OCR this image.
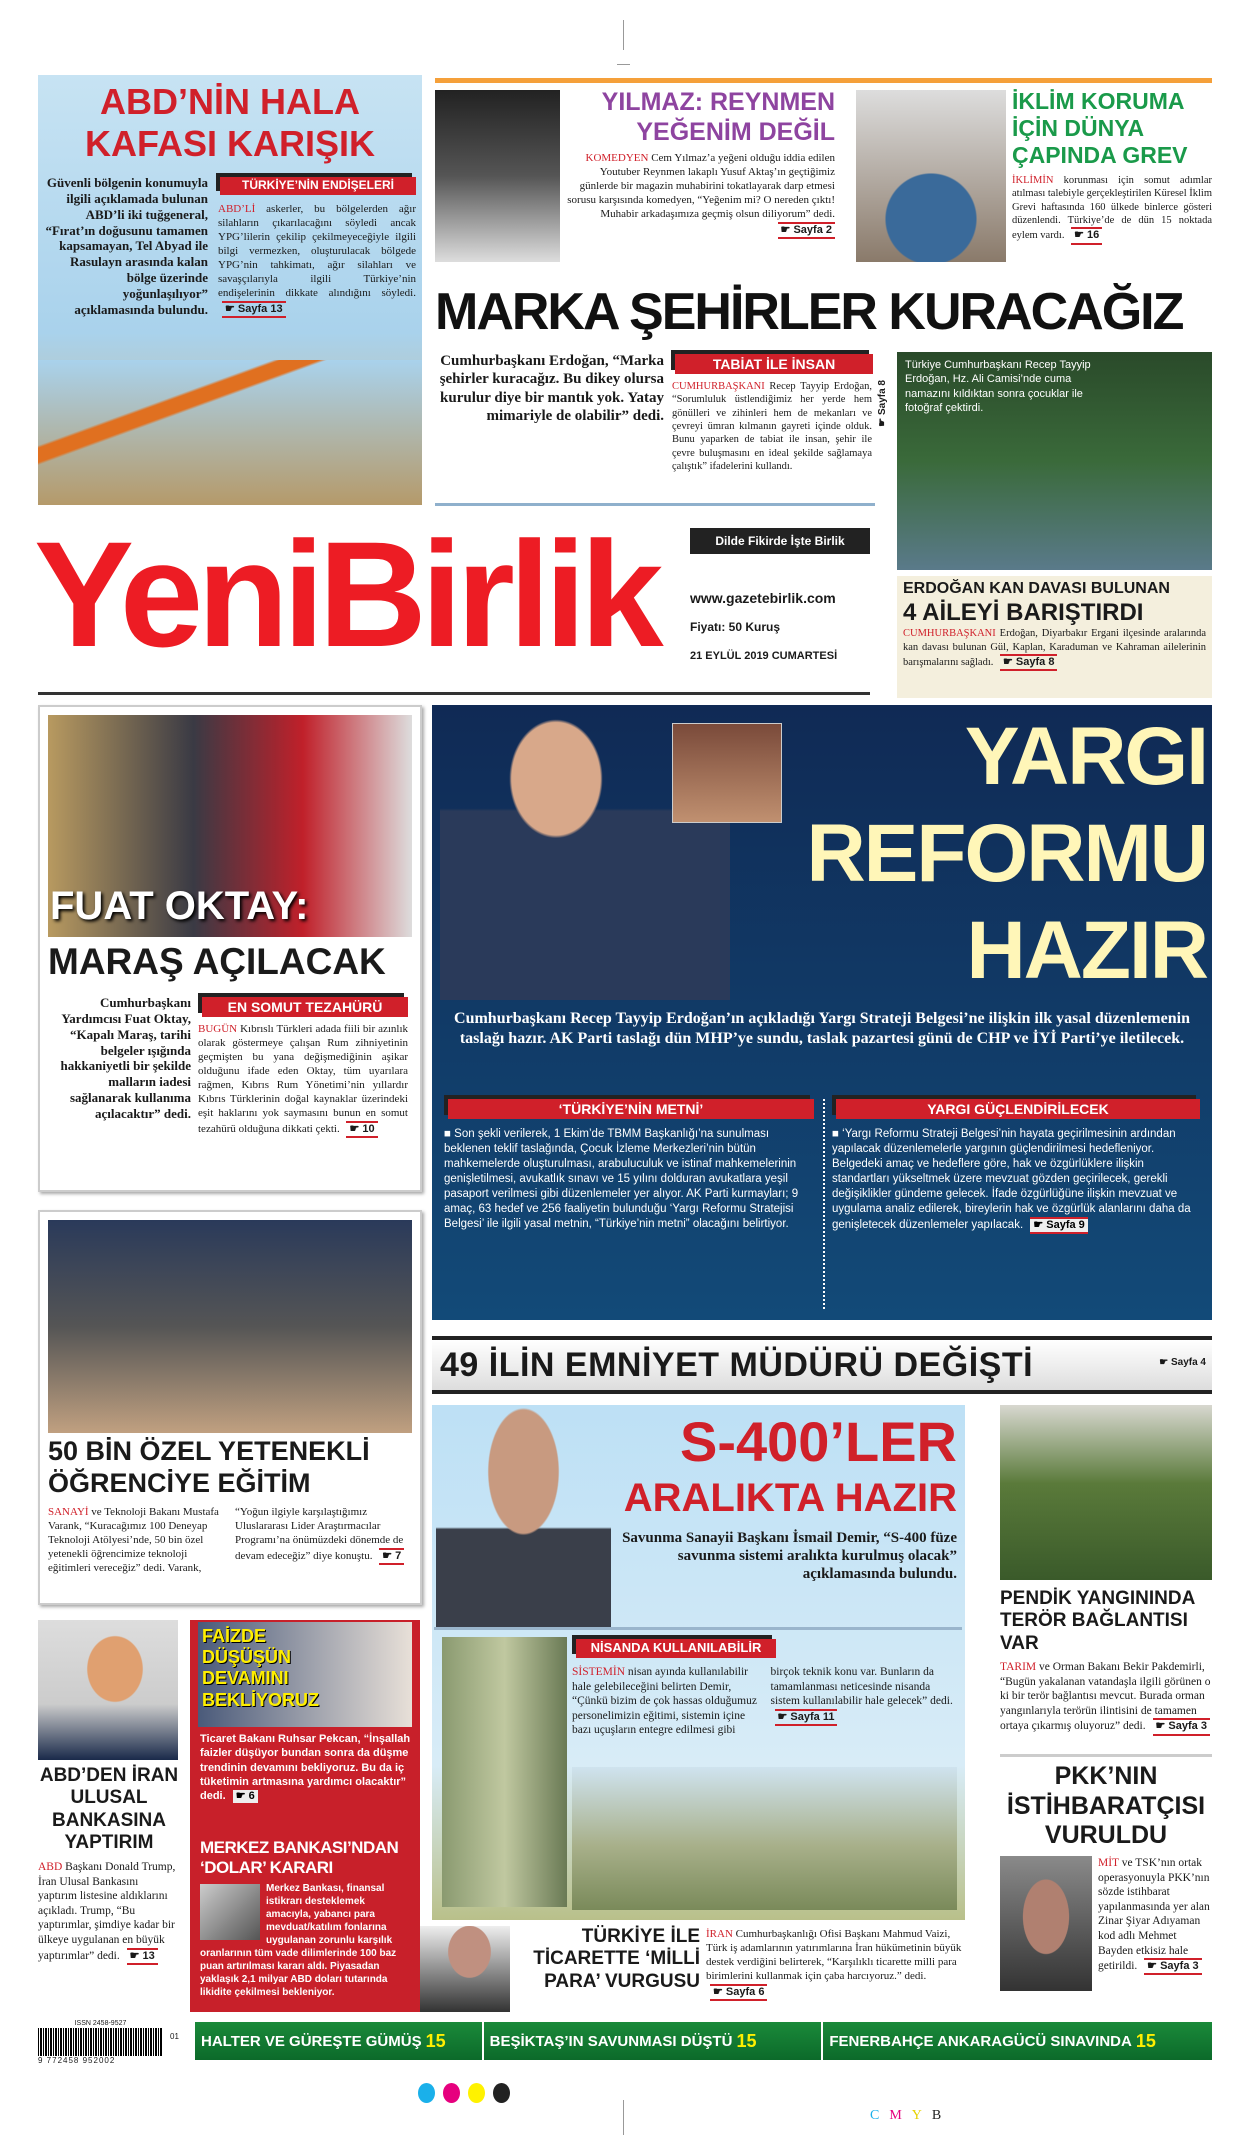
ABD’NİN HALA KAFASI KARIŞIK
Güvenli bölgenin konumuyla ilgili açıklamada bulunan ABD’li iki tuğgeneral, “Fırat’ın doğusunu tamamen kapsamayan, Tel Abyad ile Rasulayn arasında kalan bölge üzerinde yoğunlaşılıyor” açıklamasında bulundu.
TÜRKİYE’NİN ENDİŞELERİ
ABD’Lİ askerler, bu bölgelerden ağır silahların çıkarılacağını söyledi ancak YPG’lilerin çekilip çekilmeyeceğiyle ilgili bilgi vermezken, oluşturulacak bölgede YPG’nin tahkimatı, ağır silahları ve savaşçılarıyla ilgili Türkiye’nin endişelerinin dikkate alındığını söyledi. ☛ Sayfa 13
YILMAZ: REYNMEN
YEĞENİM DEĞİL
KOMEDYEN Cem Yılmaz’a yeğeni olduğu iddia edilen Youtuber Reynmen lakaplı Yusuf Aktaş’ın geçtiğimiz günlerde bir magazin muhabirini tokatlayarak darp etmesi sorusu karşısında komedyen, “Yeğenim mi? O nereden çıktı! Muhabir arkadaşımıza geçmiş olsun diliyorum” dedi. ☛ Sayfa 2
İKLİM KORUMA İÇİN DÜNYA ÇAPINDA GREV
İKLİMİN korunması için somut adımlar atılması talebiyle gerçekleştirilen Küresel İklim Grevi haftasında 160 ülkede binlerce gösteri düzenlendi. Türkiye’de de dün 15 noktada eylem vardı. ☛ 16
MARKA ŞEHİRLER KURACAĞIZ
Cumhurbaşkanı Erdoğan, “Marka şehirler kuracağız. Bu dikey olursa kurulur diye bir mantık yok. Yatay mimariyle de olabilir” dedi.
TABİAT İLE İNSAN
CUMHURBAŞKANI Recep Tayyip Erdoğan, “Sorumluluk üstlendiğimiz her yerde hem gönülleri ve zihinleri hem de mekanları ve çevreyi ümran kılmanın gayreti içinde olduk. Bunu yaparken de tabiat ile insan, şehir ile çevre buluşmasını en ideal şekilde sağlamaya çalıştık” ifadelerini kullandı.
☛ Sayfa 8
Türkiye Cumhurbaşkanı Recep Tayyip Erdoğan, Hz. Ali Camisi’nde cuma namazını kıldıktan sonra çocuklar ile fotoğraf çektirdi.
YeniBirlik	Dilde Fikirde İşte Birlik
www.gazetebirlik.com
Fiyatı: 50 Kuruş
21 EYLÜL 2019 CUMARTESİ
ERDOĞAN KAN DAVASI BULUNAN
4 AİLEYİ BARIŞTIRDI
CUMHURBAŞKANI Erdoğan, Diyarbakır Ergani ilçesinde aralarında kan davası bulunan Gül, Kaplan, Karaduman ve Kahraman ailelerinin barışmalarını sağladı. ☛ Sayfa 8
FUAT OKTAY:
MARAŞ AÇILACAK
Cumhurbaşkanı Yardımcısı Fuat Oktay, “Kapalı Maraş, tarihi belgeler ışığında hakkaniyetli bir şekilde malların iadesi sağlanarak kullanıma açılacaktır” dedi.
EN SOMUT TEZAHÜRÜ
BUGÜN Kıbrıslı Türkleri adada fiili bir azınlık olarak göstermeye çalışan Rum zihniyetinin geçmişten bu yana değişmediğinin aşikar olduğunu ifade eden Oktay, tüm uyarılara rağmen, Kıbrıs Rum Yönetimi’nin yıllardır Kıbrıs Türklerinin doğal kaynaklar üzerindeki eşit haklarını yok saymasını bunun en somut tezahürü olduğuna dikkati çekti. ☛ 10
YARGI
REFORMU
HAZIR
Cumhurbaşkanı Recep Tayyip Erdoğan’ın açıkladığı Yargı Strateji Belgesi’ne ilişkin ilk yasal düzenlemenin taslağı hazır. AK Parti taslağı dün MHP’ye sundu, taslak pazartesi günü de CHP ve İYİ Parti’ye iletilecek.
‘TÜRKİYE’NİN METNİ’
■ Son şekli verilerek, 1 Ekim’de TBMM Başkanlığı’na sunulması beklenen teklif taslağında, Çocuk İzleme Merkezleri’nin bütün mahkemelerde oluşturulması, arabuluculuk ve istinaf mahkemelerinin genişletilmesi, avukatlık sınavı ve 15 yılını dolduran avukatlara yeşil pasaport verilmesi gibi düzenlemeler yer alıyor. AK Parti kurmayları; 9 amaç, 63 hedef ve 256 faaliyetin bulunduğu ‘Yargı Reformu Stratejisi Belgesi’ ile ilgili yasal metnin, “Türkiye’nin metni” olacağını belirtiyor.
YARGI GÜÇLENDİRİLECEK
■ ‘Yargı Reformu Strateji Belgesi’nin hayata geçirilmesinin ardından yapılacak düzenlemelerle yargının güçlendirilmesi hedefleniyor. Belgedeki amaç ve hedeflere göre, hak ve özgürlüklere ilişkin standartları yükseltmek üzere mevzuat gözden geçirilecek, gerekli değişiklikler gündeme gelecek. İfade özgürlüğüne ilişkin mevzuat ve uygulama analiz edilerek, bireylerin hak ve özgürlük alanlarını daha da genişletecek düzenlemeler yapılacak. ☛ Sayfa 9
49 İLİN EMNİYET MÜDÜRÜ DEĞİŞTİ	☛ Sayfa 4
50 BİN ÖZEL YETENEKLİ
ÖĞRENCİYE EĞİTİM
SANAYİ ve Teknoloji Bakanı Mustafa Varank, “Kuracağımız 100 Deneyap Teknoloji Atölyesi’nde, 50 bin özel yetenekli öğrencimize teknoloji eğitimleri vereceğiz” dedi. Varank, “Yoğun ilgiyle karşılaştığımız Uluslararası Lider Araştırmacılar Programı’na önümüzdeki dönemde de devam edeceğiz” diye konuştu. ☛ 7
S-400’LER
ARALIKTA HAZIR
Savunma Sanayii Başkanı İsmail Demir, “S-400 füze savunma sistemi aralıkta kurulmuş olacak” açıklamasında bulundu.
NİSANDA KULLANILABİLİR
SİSTEMİN nisan ayında kullanılabilir hale gelebileceğini belirten Demir, “Çünkü bizim de çok hassas olduğumuz personelimizin eğitimi, sistemin içine bazı uçuşların entegre edilmesi gibi birçok teknik konu var. Bunların da tamamlanması neticesinde nisanda sistem kullanılabilir hale gelecek” dedi. ☛ Sayfa 11
PENDİK YANGININDA TERÖR BAĞLANTISI VAR
TARIM ve Orman Bakanı Bekir Pakdemirli, “Bugün yakalanan vatandaşla ilgili görünen o ki bir terör bağlantısı mevcut. Burada orman yangınlarıyla terörün ilintisini de tamamen ortaya çıkarmış oluyoruz” dedi. ☛ Sayfa 3
PKK’NIN İSTİHBARATÇISI VURULDU
MİT ve TSK’nın ortak operasyonuyla PKK’nın sözde istihbarat yapılanmasında yer alan Zinar Şiyar Adıyaman kod adlı Mehmet Bayden etkisiz hale getirildi. ☛ Sayfa 3
ABD’DEN İRAN ULUSAL BANKASINA YAPTIRIM
ABD Başkanı Donald Trump, İran Ulusal Bankasını yaptırım listesine aldıklarını açıkladı. Trump, “Bu yaptırımlar, şimdiye kadar bir ülkeye uygulanan en büyük yaptırımlar” dedi. ☛ 13
FAİZDE DÜŞÜŞÜN DEVAMINI BEKLİYORUZ
Ticaret Bakanı Ruhsar Pekcan, “İnşallah faizler düşüyor bundan sonra da düşme trendinin devamını bekliyoruz. Bu da iç tüketimin artmasına yardımcı olacaktır” dedi. ☛ 6
MERKEZ BANKASI’NDAN ‘DOLAR’ KARARI
Merkez Bankası, finansal istikrarı desteklemek amacıyla, yabancı para mevduat/katılım fonlarına uygulanan zorunlu karşılık oranlarının tüm vade dilimlerinde 100 baz puan artırılması kararı aldı. Piyasadan yaklaşık 2,1 milyar ABD doları tutarında likidite çekilmesi bekleniyor.
TÜRKİYE İLE TİCARETTE ‘MİLLİ PARA’ VURGUSU
İRAN Cumhurbaşkanlığı Ofisi Başkanı Mahmud Vaizi, Türk iş adamlarının yatırımlarına İran hükümetinin büyük destek verdiğini belirterek, “Karşılıklı ticarette milli para birimlerini kullanmak için çaba harcıyoruz.” dedi. ☛ Sayfa 6
ISSN 2458-9527
9 772458 952002
01 HALTER VE GÜREŞTE GÜMÜŞ 15	BEŞİKTAŞ’IN SAVUNMASI DÜŞTÜ 15	FENERBAHÇE ANKARAGÜCÜ SINAVINDA 15
CMYB
